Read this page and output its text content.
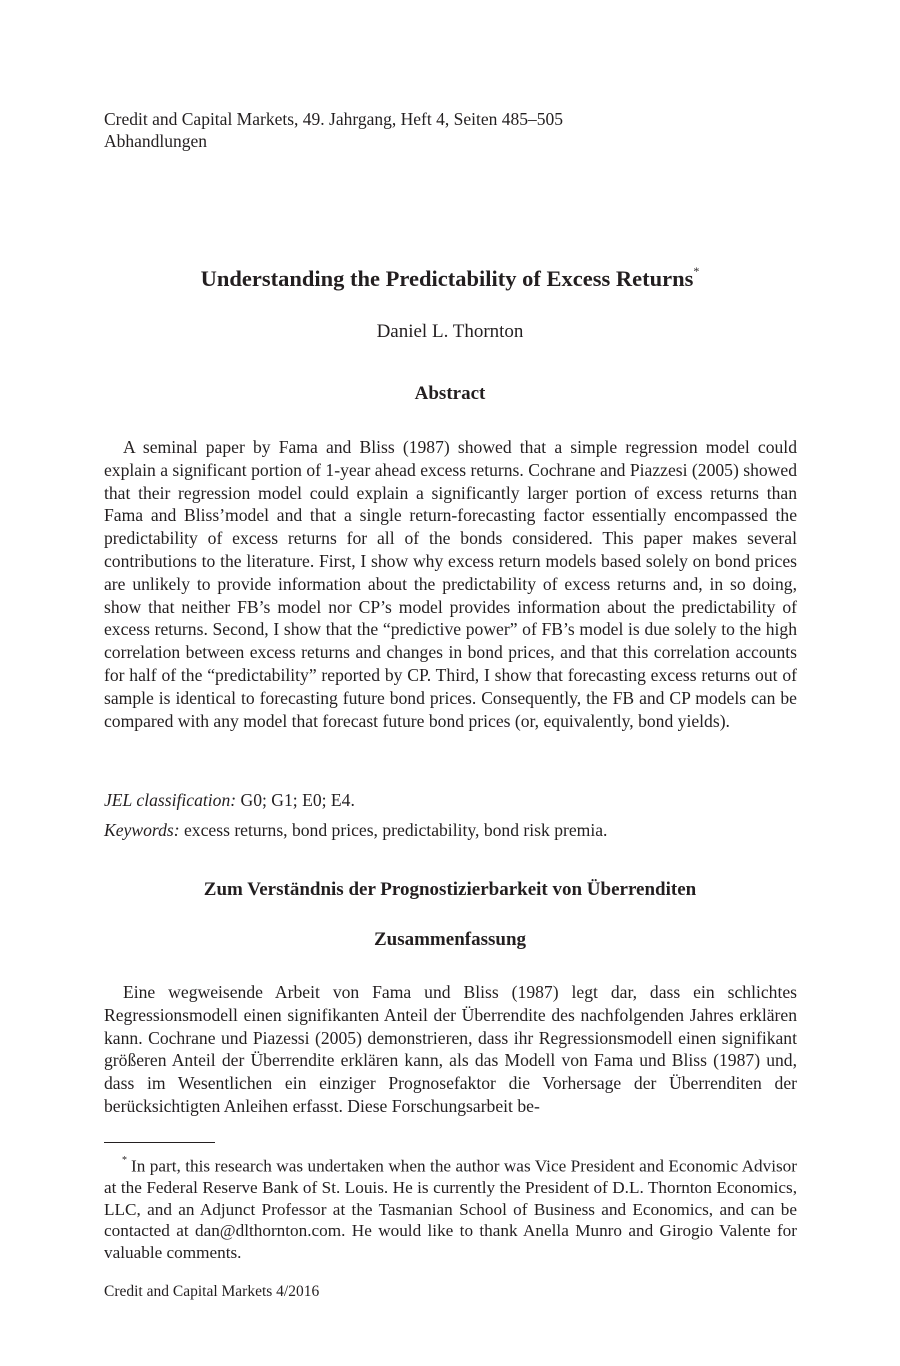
Credit and Capital Markets, 49. Jahrgang, Heft 4, Seiten 485–505
Abhandlungen
Understanding the Predictability of Excess Returns*
Daniel L. Thornton
Abstract
A seminal paper by Fama and Bliss (1987) showed that a simple regression model could explain a significant portion of 1-year ahead excess returns. Cochrane and Piazzesi (2005) showed that their regression model could explain a significantly larger portion of excess returns than Fama and Bliss’model and that a single return-forecasting factor essentially encompassed the predictability of excess returns for all of the bonds considered. This paper makes several contributions to the literature. First, I show why excess return models based solely on bond prices are unlikely to provide information about the predictability of excess returns and, in so doing, show that neither FB’s model nor CP’s model provides information about the predictability of excess returns. Second, I show that the “predictive power” of FB’s model is due solely to the high correlation between excess returns and changes in bond prices, and that this correlation accounts for half of the “predictability” reported by CP. Third, I show that forecasting excess returns out of sample is identical to forecasting future bond prices. Consequently, the FB and CP models can be compared with any model that forecast future bond prices (or, equivalently, bond yields).
JEL classification: G0; G1; E0; E4.
Keywords: excess returns, bond prices, predictability, bond risk premia.
Zum Verständnis der Prognostizierbarkeit von Überrenditen
Zusammenfassung
Eine wegweisende Arbeit von Fama und Bliss (1987) legt dar, dass ein schlichtes Regressionsmodell einen signifikanten Anteil der Überrendite des nachfolgenden Jahres erklären kann. Cochrane und Piazessi (2005) demonstrieren, dass ihr Regressionsmodell einen signifikant größeren Anteil der Überrendite erklären kann, als das Modell von Fama und Bliss (1987) und, dass im Wesentlichen ein einziger Prognosefaktor die Vorhersage der Überrenditen der berücksichtigten Anleihen erfasst. Diese Forschungsarbeit be-
* In part, this research was undertaken when the author was Vice President and Economic Advisor at the Federal Reserve Bank of St. Louis. He is currently the President of D.L. Thornton Economics, LLC, and an Adjunct Professor at the Tasmanian School of Business and Economics, and can be contacted at dan@dlthornton.com. He would like to thank Anella Munro and Girogio Valente for valuable comments.
Credit and Capital Markets 4/2016
